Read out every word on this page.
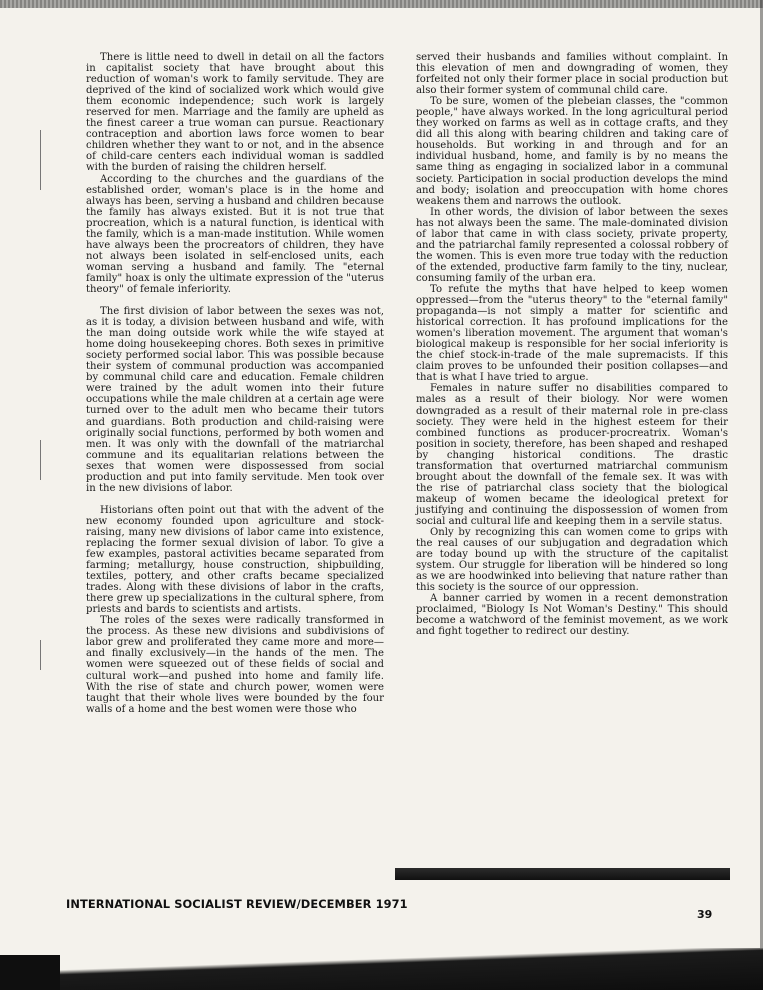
There is little need to dwell in detail on all the factors in capitalist society that have brought about this reduction of woman's work to family servitude. They are deprived of the kind of socialized work which would give them economic independence; such work is largely reserved for men. Marriage and the family are upheld as the finest career a true woman can pursue. Reactionary contraception and abortion laws force women to bear children whether they want to or not, and in the absence of child-care centers each individual woman is saddled with the burden of raising the children herself.

According to the churches and the guardians of the established order, woman's place is in the home and always has been, serving a husband and children because the family has always existed. But it is not true that procreation, which is a natural function, is identical with the family, which is a man-made institution. While women have always been the procreators of children, they have not always been isolated in self-enclosed units, each woman serving a husband and family. The "eternal family" hoax is only the ultimate expression of the "uterus theory" of female inferiority.

The first division of labor between the sexes was not, as it is today, a division between husband and wife, with the man doing outside work while the wife stayed at home doing housekeeping chores. Both sexes in primitive society performed social labor. This was possible because their system of communal production was accompanied by communal child care and education. Female children were trained by the adult women into their future occupations while the male children at a certain age were turned over to the adult men who became their tutors and guardians. Both production and child-raising were originally social functions, performed by both women and men. It was only with the downfall of the matriarchal commune and its equalitarian relations between the sexes that women were dispossessed from social production and put into family servitude. Men took over in the new divisions of labor.

Historians often point out that with the advent of the new economy founded upon agriculture and stock-raising, many new divisions of labor came into existence, replacing the former sexual division of labor. To give a few examples, pastoral activities became separated from farming; metallurgy, house construction, shipbuilding, textiles, pottery, and other crafts became specialized trades. Along with these divisions of labor in the crafts, there grew up specializations in the cultural sphere, from priests and bards to scientists and artists.

The roles of the sexes were radically transformed in the process. As these new divisions and subdivisions of labor grew and proliferated they came more and more—and finally exclusively—in the hands of the men. The women were squeezed out of these fields of social and cultural work—and pushed into home and family life. With the rise of state and church power, women were taught that their whole lives were bounded by the four walls of a home and the best women were those who

served their husbands and families without complaint. In this elevation of men and downgrading of women, they forfeited not only their former place in social production but also their former system of communal child care.

To be sure, women of the plebeian classes, the "common people," have always worked. In the long agricultural period they worked on farms as well as in cottage crafts, and they did all this along with bearing children and taking care of households. But working in and through and for an individual husband, home, and family is by no means the same thing as engaging in socialized labor in a communal society. Participation in social production develops the mind and body; isolation and preoccupation with home chores weakens them and narrows the outlook.

In other words, the division of labor between the sexes has not always been the same. The male-dominated division of labor that came in with class society, private property, and the patriarchal family represented a colossal robbery of the women. This is even more true today with the reduction of the extended, productive farm family to the tiny, nuclear, consuming family of the urban era.

To refute the myths that have helped to keep women oppressed—from the "uterus theory" to the "eternal family" propaganda—is not simply a matter for scientific and historical correction. It has profound implications for the women's liberation movement. The argument that woman's biological makeup is responsible for her social inferiority is the chief stock-in-trade of the male supremacists. If this claim proves to be unfounded their position collapses—and that is what I have tried to argue.

Females in nature suffer no disabilities compared to males as a result of their biology. Nor were women downgraded as a result of their maternal role in pre-class society. They were held in the highest esteem for their combined functions as producer-procreatrix. Woman's position in society, therefore, has been shaped and reshaped by changing historical conditions. The drastic transformation that overturned matriarchal communism brought about the downfall of the female sex. It was with the rise of patriarchal class society that the biological makeup of women became the ideological pretext for justifying and continuing the dispossession of women from social and cultural life and keeping them in a servile status.

Only by recognizing this can women come to grips with the real causes of our subjugation and degradation which are today bound up with the structure of the capitalist system. Our struggle for liberation will be hindered so long as we are hoodwinked into believing that nature rather than this society is the source of our oppression.

A banner carried by women in a recent demonstration proclaimed, "Biology Is Not Woman's Destiny." This should become a watchword of the feminist movement, as we work and fight together to redirect our destiny.

INTERNATIONAL SOCIALIST REVIEW/DECEMBER 1971
39
